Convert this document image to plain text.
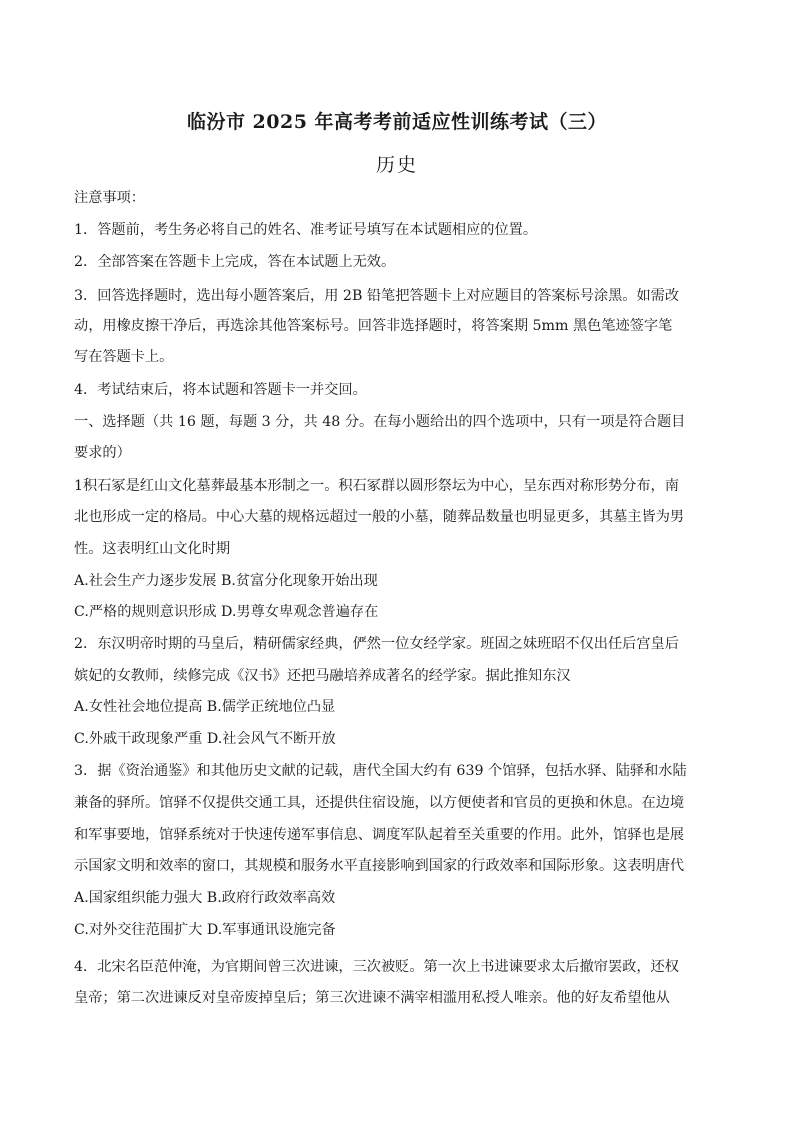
临汾市 2025 年高考考前适应性训练考试（三）
历史
注意事项：
1．答题前，考生务必将自己的姓名、准考证号填写在本试题相应的位置。
2．全部答案在答题卡上完成，答在本试题上无效。
3．回答选择题时，选出每小题答案后，用 2B 铅笔把答题卡上对应题目的答案标号涂黑。如需改
动，用橡皮擦干净后，再选涂其他答案标号。回答非选择题时，将答案期 5mm 黑色笔迹签字笔
写在答题卡上。
4．考试结束后，将本试题和答题卡一并交回。
一、选择题（共 16 题，每题 3 分，共 48 分。在每小题给出的四个选项中，只有一项是符合题目
要求的）
1积石冢是红山文化墓葬最基本形制之一。积石冢群以圆形祭坛为中心，呈东西对称形势分布，南
北也形成一定的格局。中心大墓的规格远超过一般的小墓，随葬品数量也明显更多，其墓主皆为男
性。这表明红山文化时期
A.社会生产力逐步发展 B.贫富分化现象开始出现
C.严格的规则意识形成 D.男尊女卑观念普遍存在
2．东汉明帝时期的马皇后，精研儒家经典，俨然一位女经学家。班固之妹班昭不仅出任后宫皇后
嫔妃的女教师，续修完成《汉书》还把马融培养成著名的经学家。据此推知东汉
A.女性社会地位提高 B.儒学正统地位凸显
C.外戚干政现象严重 D.社会风气不断开放
3．据《资治通鉴》和其他历史文献的记载，唐代全国大约有 639 个馆驿，包括水驿、陆驿和水陆
兼备的驿所。馆驿不仅提供交通工具，还提供住宿设施，以方便使者和官员的更换和休息。在边境
和军事要地，馆驿系统对于快速传递军事信息、调度军队起着至关重要的作用。此外，馆驿也是展
示国家文明和效率的窗口，其规模和服务水平直接影响到国家的行政效率和国际形象。这表明唐代
A.国家组织能力强大 B.政府行政效率高效
C.对外交往范围扩大 D.军事通讯设施完备
4．北宋名臣范仲淹，为官期间曾三次进谏，三次被贬。第一次上书进谏要求太后撤帘罢政，还权
皇帝；第二次进谏反对皇帝废掉皇后；第三次进谏不满宰相滥用私授人唯亲。他的好友希望他从
